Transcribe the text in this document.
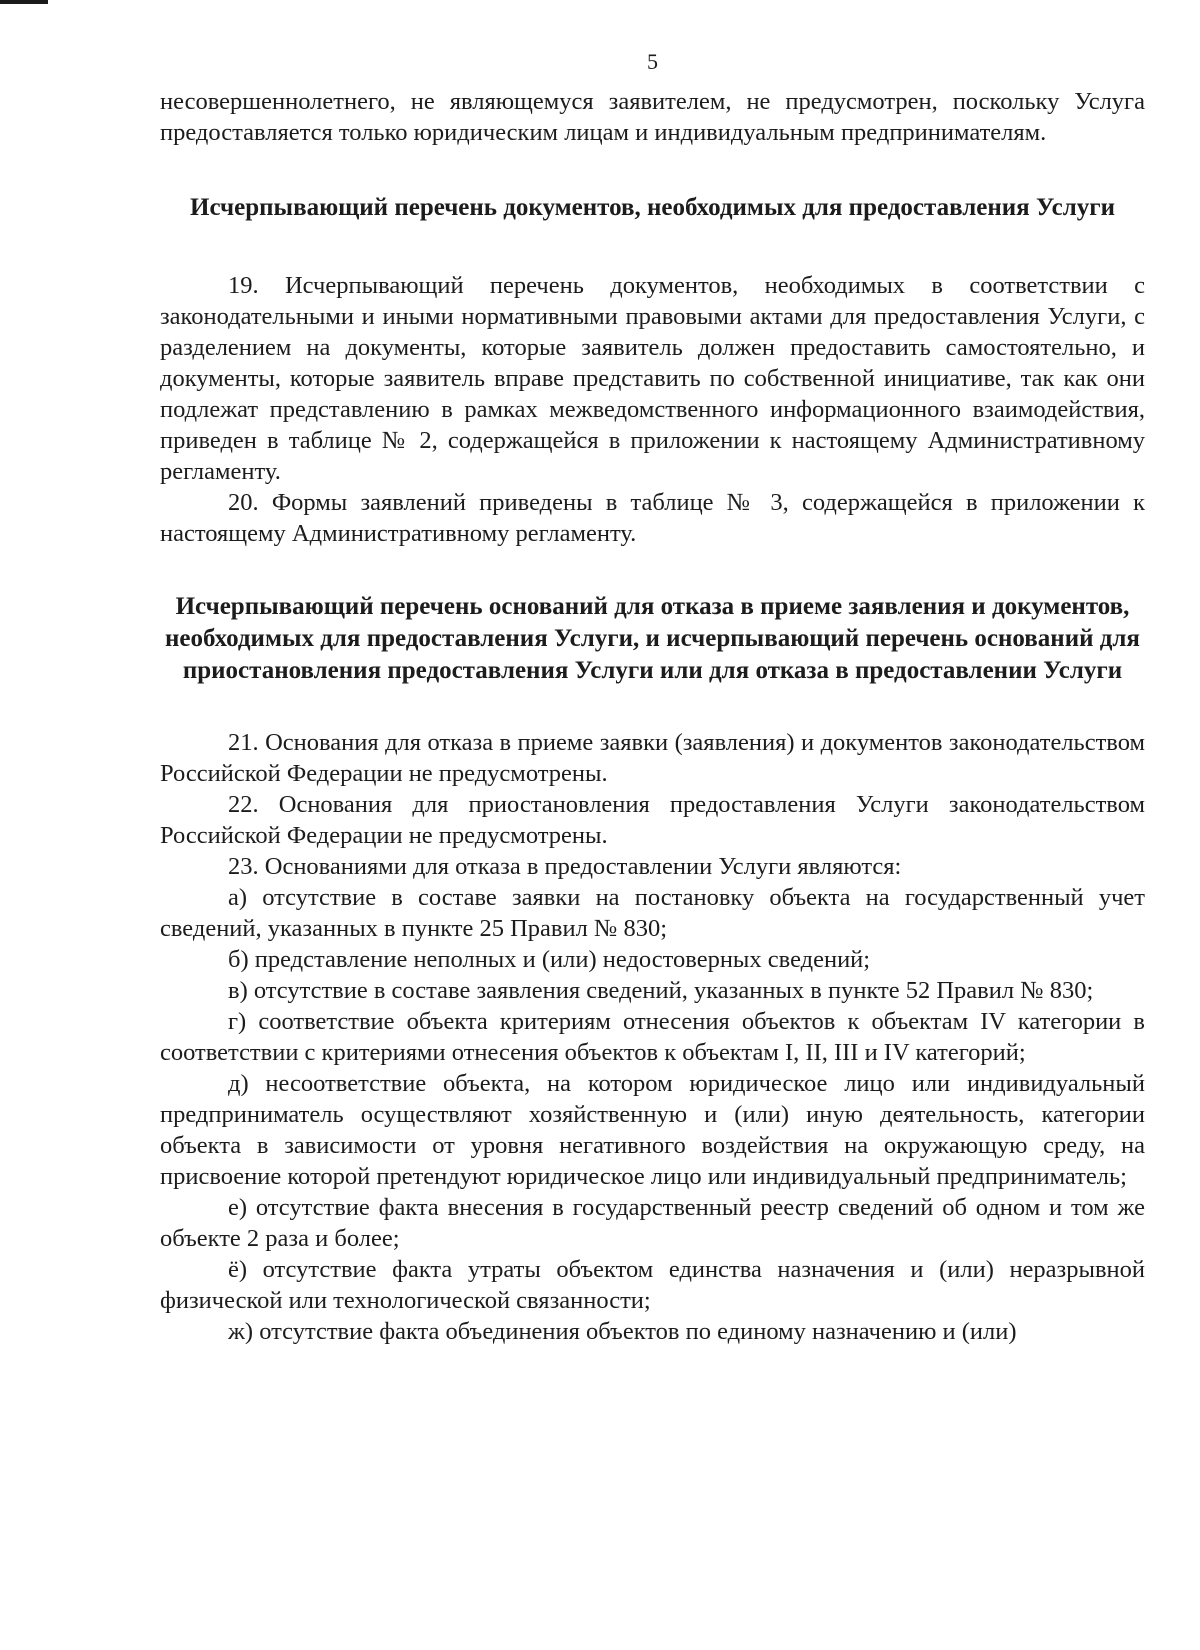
5

несовершеннолетнего, не являющемуся заявителем, не предусмотрен, поскольку Услуга предоставляется только юридическим лицам и индивидуальным предпринимателям.

Исчерпывающий перечень документов, необходимых для предоставления Услуги

19. Исчерпывающий перечень документов, необходимых в соответствии с законодательными и иными нормативными правовыми актами для предоставления Услуги, с разделением на документы, которые заявитель должен предоставить самостоятельно, и документы, которые заявитель вправе представить по собственной инициативе, так как они подлежат представлению в рамках межведомственного информационного взаимодействия, приведен в таблице № 2, содержащейся в приложении к настоящему Административному регламенту.

20. Формы заявлений приведены в таблице № 3, содержащейся в приложении к настоящему Административному регламенту.

Исчерпывающий перечень оснований для отказа в приеме заявления и документов, необходимых для предоставления Услуги, и исчерпывающий перечень оснований для приостановления предоставления Услуги или для отказа в предоставлении Услуги

21. Основания для отказа в приеме заявки (заявления) и документов законодательством Российской Федерации не предусмотрены.

22. Основания для приостановления предоставления Услуги законодательством Российской Федерации не предусмотрены.

23. Основаниями для отказа в предоставлении Услуги являются:

а) отсутствие в составе заявки на постановку объекта на государственный учет сведений, указанных в пункте 25 Правил № 830;

б) представление неполных и (или) недостоверных сведений;

в) отсутствие в составе заявления сведений, указанных в пункте 52 Правил № 830;

г) соответствие объекта критериям отнесения объектов к объектам IV категории в соответствии с критериями отнесения объектов к объектам I, II, III и IV категорий;

д) несоответствие объекта, на котором юридическое лицо или индивидуальный предприниматель осуществляют хозяйственную и (или) иную деятельность, категории объекта в зависимости от уровня негативного воздействия на окружающую среду, на присвоение которой претендуют юридическое лицо или индивидуальный предприниматель;

е) отсутствие факта внесения в государственный реестр сведений об одном и том же объекте 2 раза и более;

ё) отсутствие факта утраты объектом единства назначения и (или) неразрывной физической или технологической связанности;

ж) отсутствие факта объединения объектов по единому назначению и (или)
